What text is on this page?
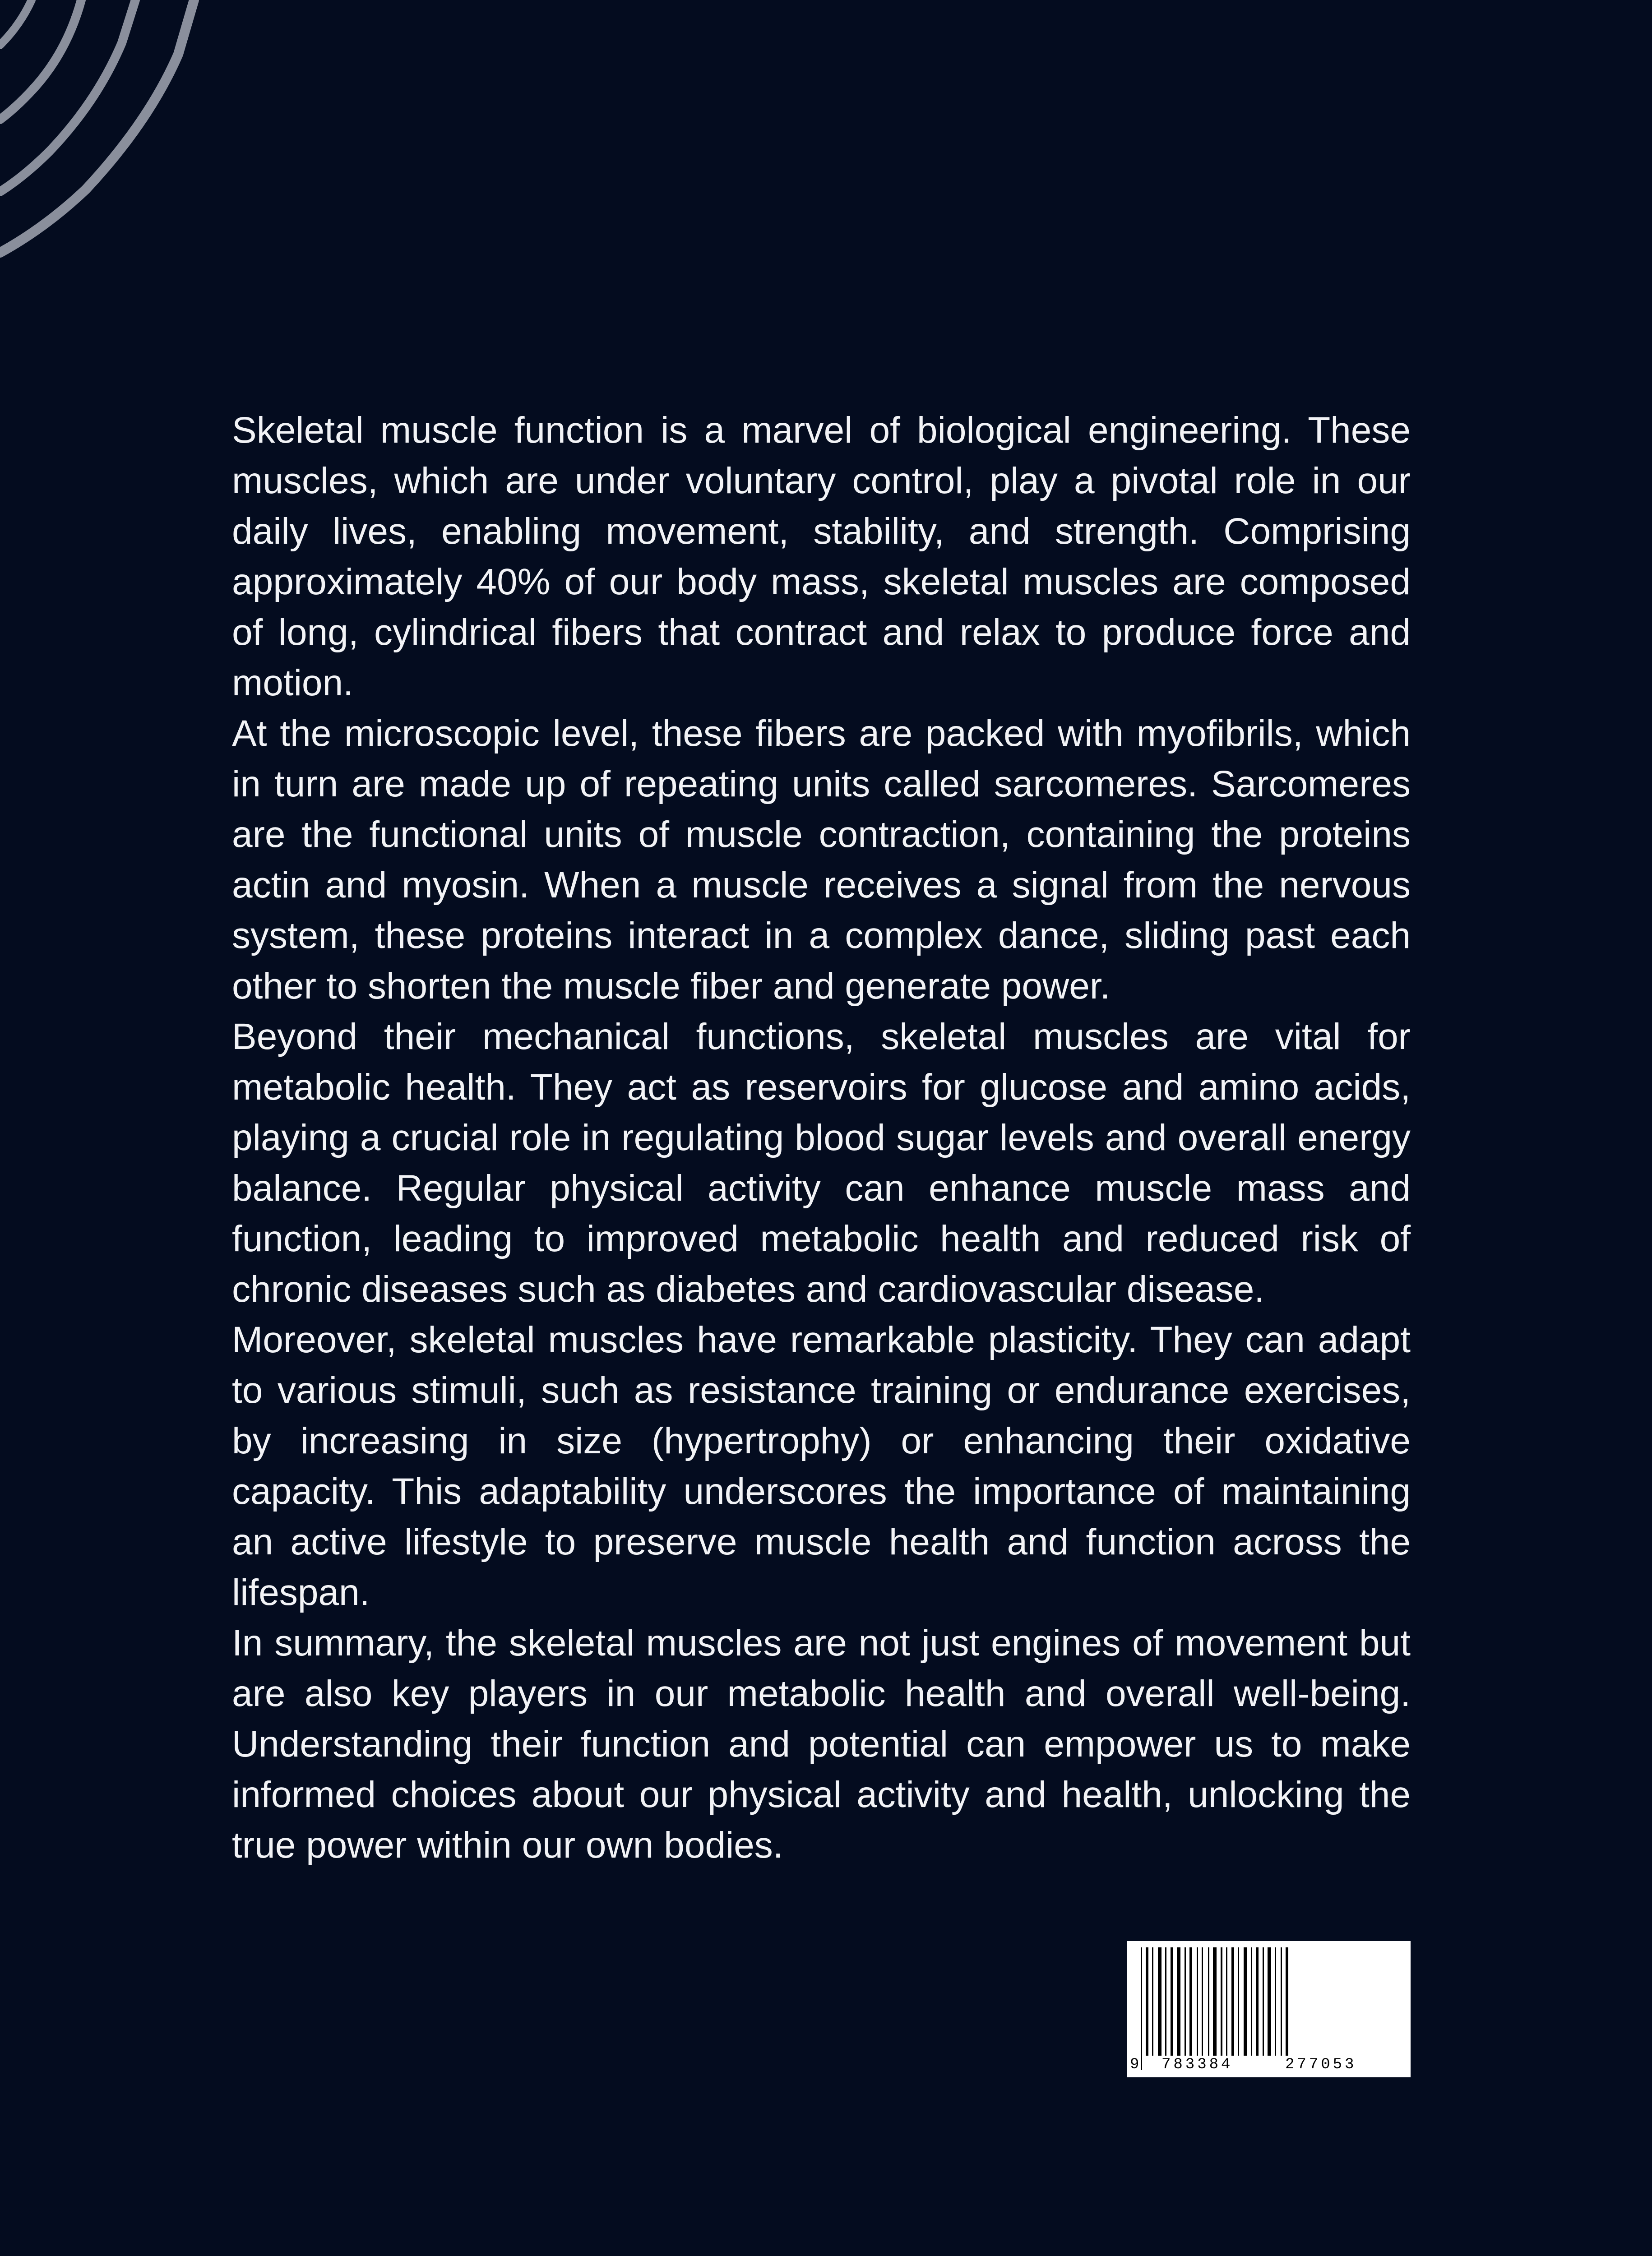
Skeletal muscle function is a marvel of biological engineering. These muscles, which are under voluntary control, play a pivotal role in our daily lives, enabling movement, stability, and strength. Comprising approximately 40% of our body mass, skeletal muscles are composed of long, cylindrical fibers that contract and relax to produce force and motion.

At the microscopic level, these fibers are packed with myofibrils, which in turn are made up of repeating units called sarcomeres. Sarcomeres are the functional units of muscle contraction, containing the proteins actin and myosin. When a muscle receives a signal from the nervous system, these proteins interact in a complex dance, sliding past each other to shorten the muscle fiber and generate power.

Beyond their mechanical functions, skeletal muscles are vital for metabolic health. They act as reservoirs for glucose and amino acids, playing a crucial role in regulating blood sugar levels and overall energy balance. Regular physical activity can enhance muscle mass and function, leading to improved metabolic health and reduced risk of chronic diseases such as diabetes and cardiovascular disease.

Moreover, skeletal muscles have remarkable plasticity. They can adapt to various stimuli, such as resistance training or endurance exercises, by increasing in size (hypertrophy) or enhancing their oxidative capacity. This adaptability underscores the importance of maintaining an active lifestyle to preserve muscle health and function across the lifespan.

In summary, the skeletal muscles are not just engines of movement but are also key players in our metabolic health and overall well-being. Understanding their function and potential can empower us to make informed choices about our physical activity and health, unlocking the true power within our own bodies.

9 783384	277053
